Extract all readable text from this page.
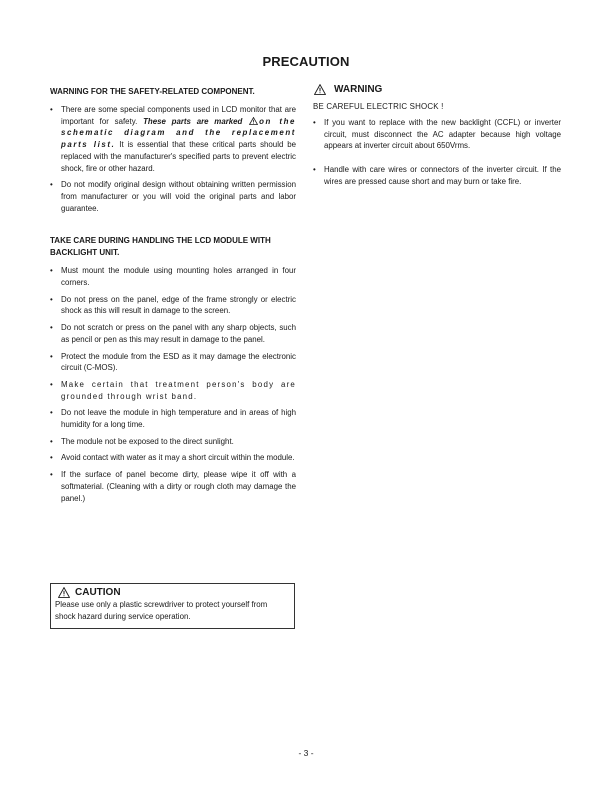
PRECAUTION
WARNING FOR THE SAFETY-RELATED COMPONENT.
• There are some special components used in LCD monitor that are important for safety. These parts are marked
on the schematic diagram and the replacement parts list. It is essential that these critical parts should be replaced with the manufacturer's specified parts to prevent electric shock, fire or other hazard.
• Do not modify original design without obtaining written permission from manufacturer or you will void the original parts and labor guarantee.
TAKE CARE DURING HANDLING THE LCD MODULE WITH BACKLIGHT UNIT.
• Must mount the module using mounting holes arranged in four corners.
• Do not press on the panel, edge of the frame strongly or electric shock as this will result in damage to the screen.
• Do not scratch or press on the panel with any sharp objects, such as pencil or pen as this may result in damage to the panel.
• Protect the module from the ESD as it may damage the electronic circuit (C-MOS).
• Make certain that treatment person's body are grounded through wrist band.
• Do not leave the module in high temperature and in areas of high humidity for a long time.
• The module not be exposed to the direct sunlight.
• Avoid contact with water as it may a short circuit within the module.
• If the surface of panel become dirty, please wipe it off with a softmaterial. (Cleaning with a dirty or rough cloth may damage the panel.)
CAUTION
Please use only a plastic screwdriver to protect yourself from shock hazard during service operation.
WARNING
BE CAREFUL ELECTRIC SHOCK !
• If you want to replace with the new backlight (CCFL) or inverter circuit, must disconnect the AC adapter because high voltage appears at inverter circuit about 650Vrms.
• Handle with care wires or connectors of the inverter circuit. If the wires are pressed cause short and may burn or take fire.
- 3 -
